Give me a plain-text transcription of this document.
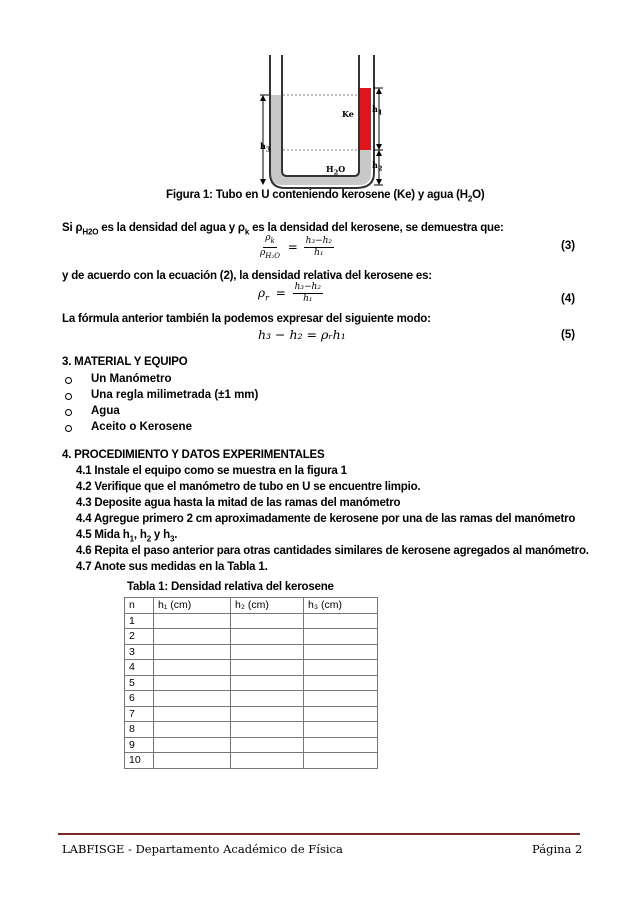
Ke $h_1$
$h_2$
$h_3$
$H_2O$
Figura 1: Tubo en U conteniendo kerosene (Ke) y agua $(H_2O)$
Si $\rho_{H2O}$ es la densidad del agua y $\rho_k$ es la densidad del kerosene, se demuestra que:
$\frac{\rho_k}{\rho_{H_2O}} = \frac{\text{h₃−h₂}}{\text{h₁}}$	(3)
y de acuerdo con la ecuación (2), la densidad relativa del kerosene es:
$\rho_r = \frac{\text{h₃−h₂}}{\text{h₁}}$	(4)
La fórmula anterior también la podemos expresar del siguiente modo:
h₃ − h₂ = ρᵣh₁	(5)
3. MATERIAL Y EQUIPO
Un Manómetro
Una regla milimetrada (±1 mm)
Agua
Aceito o Kerosene
4. PROCEDIMIENTO Y DATOS EXPERIMENTALES
4.1 Instale el equipo como se muestra en la figura 1
4.2 Verifique que el manómetro de tubo en U se encuentre limpio.
4.3 Deposite agua hasta la mitad de las ramas del manómetro
4.4 Agregue primero 2 cm aproximadamente de kerosene por una de las ramas del manómetro
4.5 Mida $h_1$, $h_2$ y $h_3$.
4.6 Repita el paso anterior para otras cantidades similares de kerosene agregados al manómetro.
4.7 Anote sus medidas en la Tabla 1.
Tabla 1: Densidad relativa del kerosene
n	h₁ (cm)	h₂ (cm)	h₃ (cm)
1			
2			
3			
4			
5			
6			
7			
8			
9			
10			
LABFISGE - Departamento Académico de Física	Página 2
